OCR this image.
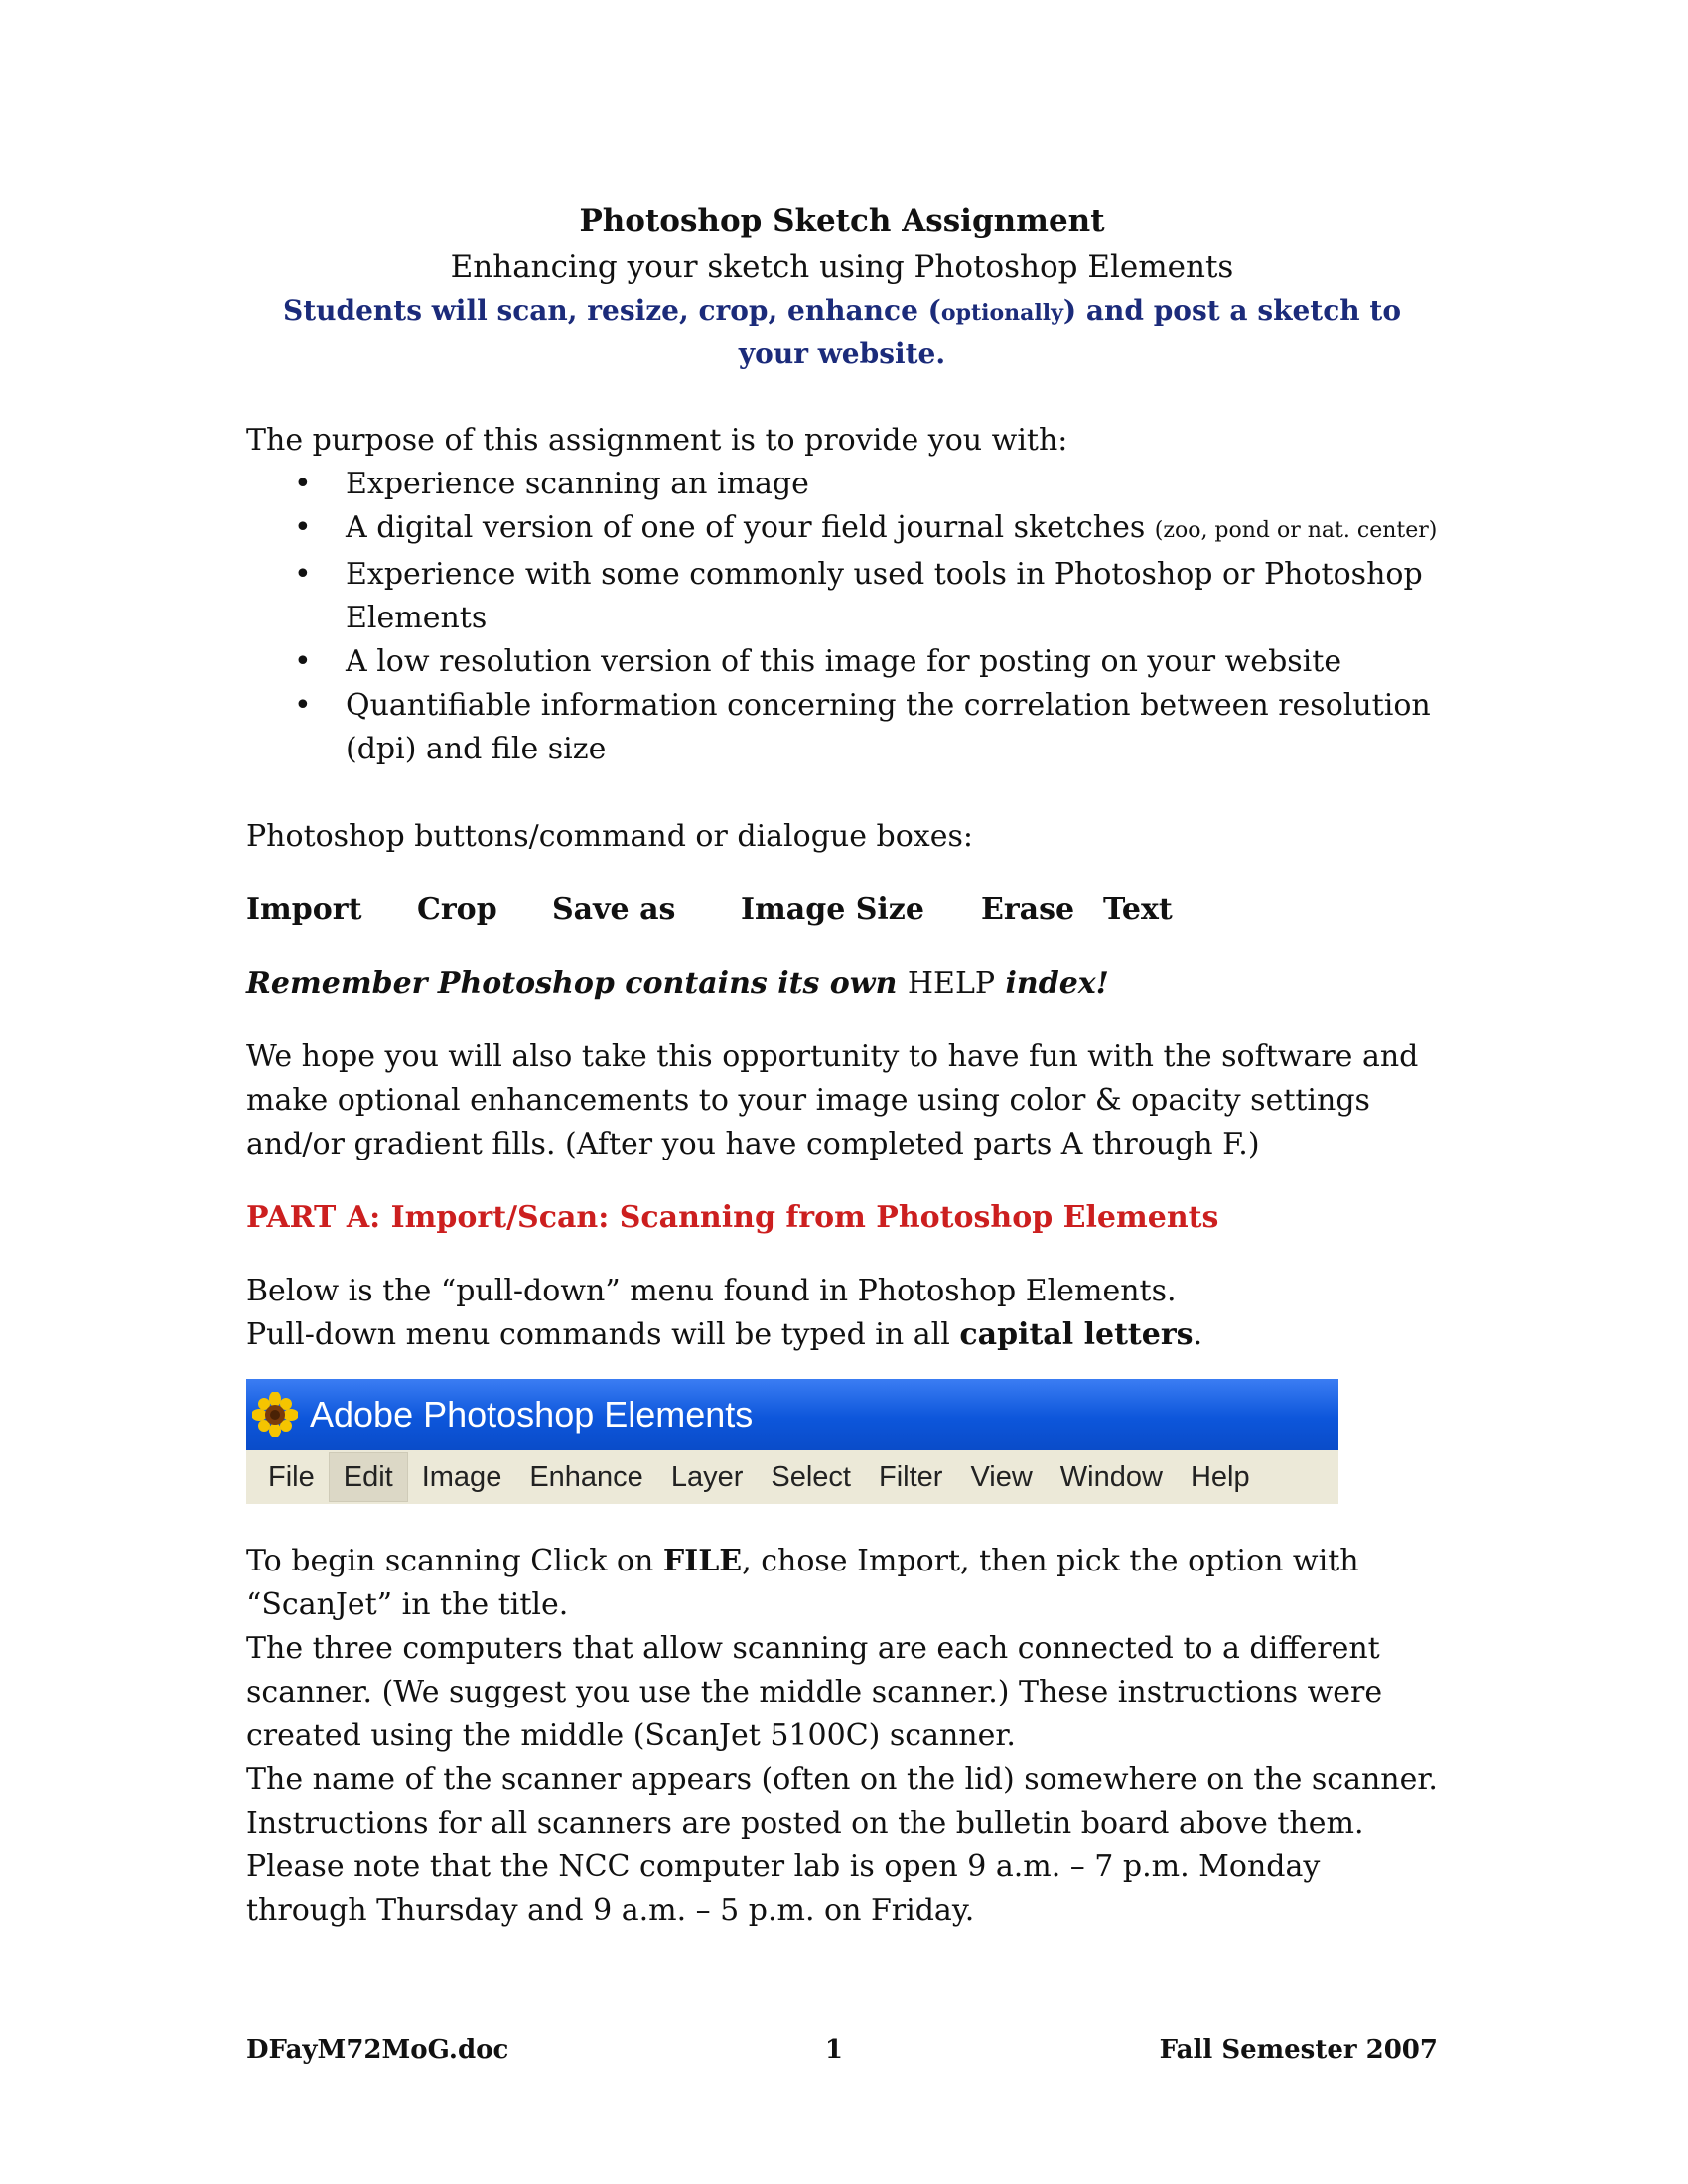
Photoshop Sketch Assignment
Enhancing your sketch using Photoshop Elements
Students will scan, resize, crop, enhance (optionally) and post a sketch to your website.

The purpose of this assignment is to provide you with:

• Experience scanning an image
• A digital version of one of your field journal sketches (zoo, pond or nat. center)
• Experience with some commonly used tools in Photoshop or Photoshop Elements
• A low resolution version of this image for posting on your website
• Quantifiable information concerning the correlation between resolution (dpi) and file size

Photoshop buttons/command or dialogue boxes:

Import	Crop	Save as	Image Size	Erase Text

Remember Photoshop contains its own HELP index!

We hope you will also take this opportunity to have fun with the software and make optional enhancements to your image using color & opacity settings and/or gradient fills. (After you have completed parts A through F.)

PART A: Import/Scan: Scanning from Photoshop Elements

Below is the “pull-down” menu found in Photoshop Elements.

Pull-down menu commands will be typed in all capital letters.

Adobe Photoshop Elements
File	Edit	Image Enhance Layer Select Filter View Window Help

To begin scanning Click on FILE, chose Import, then pick the option with “ScanJet” in the title.

The three computers that allow scanning are each connected to a different scanner. (We suggest you use the middle scanner.) These instructions were created using the middle (ScanJet 5100C) scanner.

The name of the scanner appears (often on the lid) somewhere on the scanner.

Instructions for all scanners are posted on the bulletin board above them.

Please note that the NCC computer lab is open 9 a.m. – 7 p.m. Monday through Thursday and 9 a.m. – 5 p.m. on Friday.

DFayM72MoG.doc	1	Fall Semester 2007
